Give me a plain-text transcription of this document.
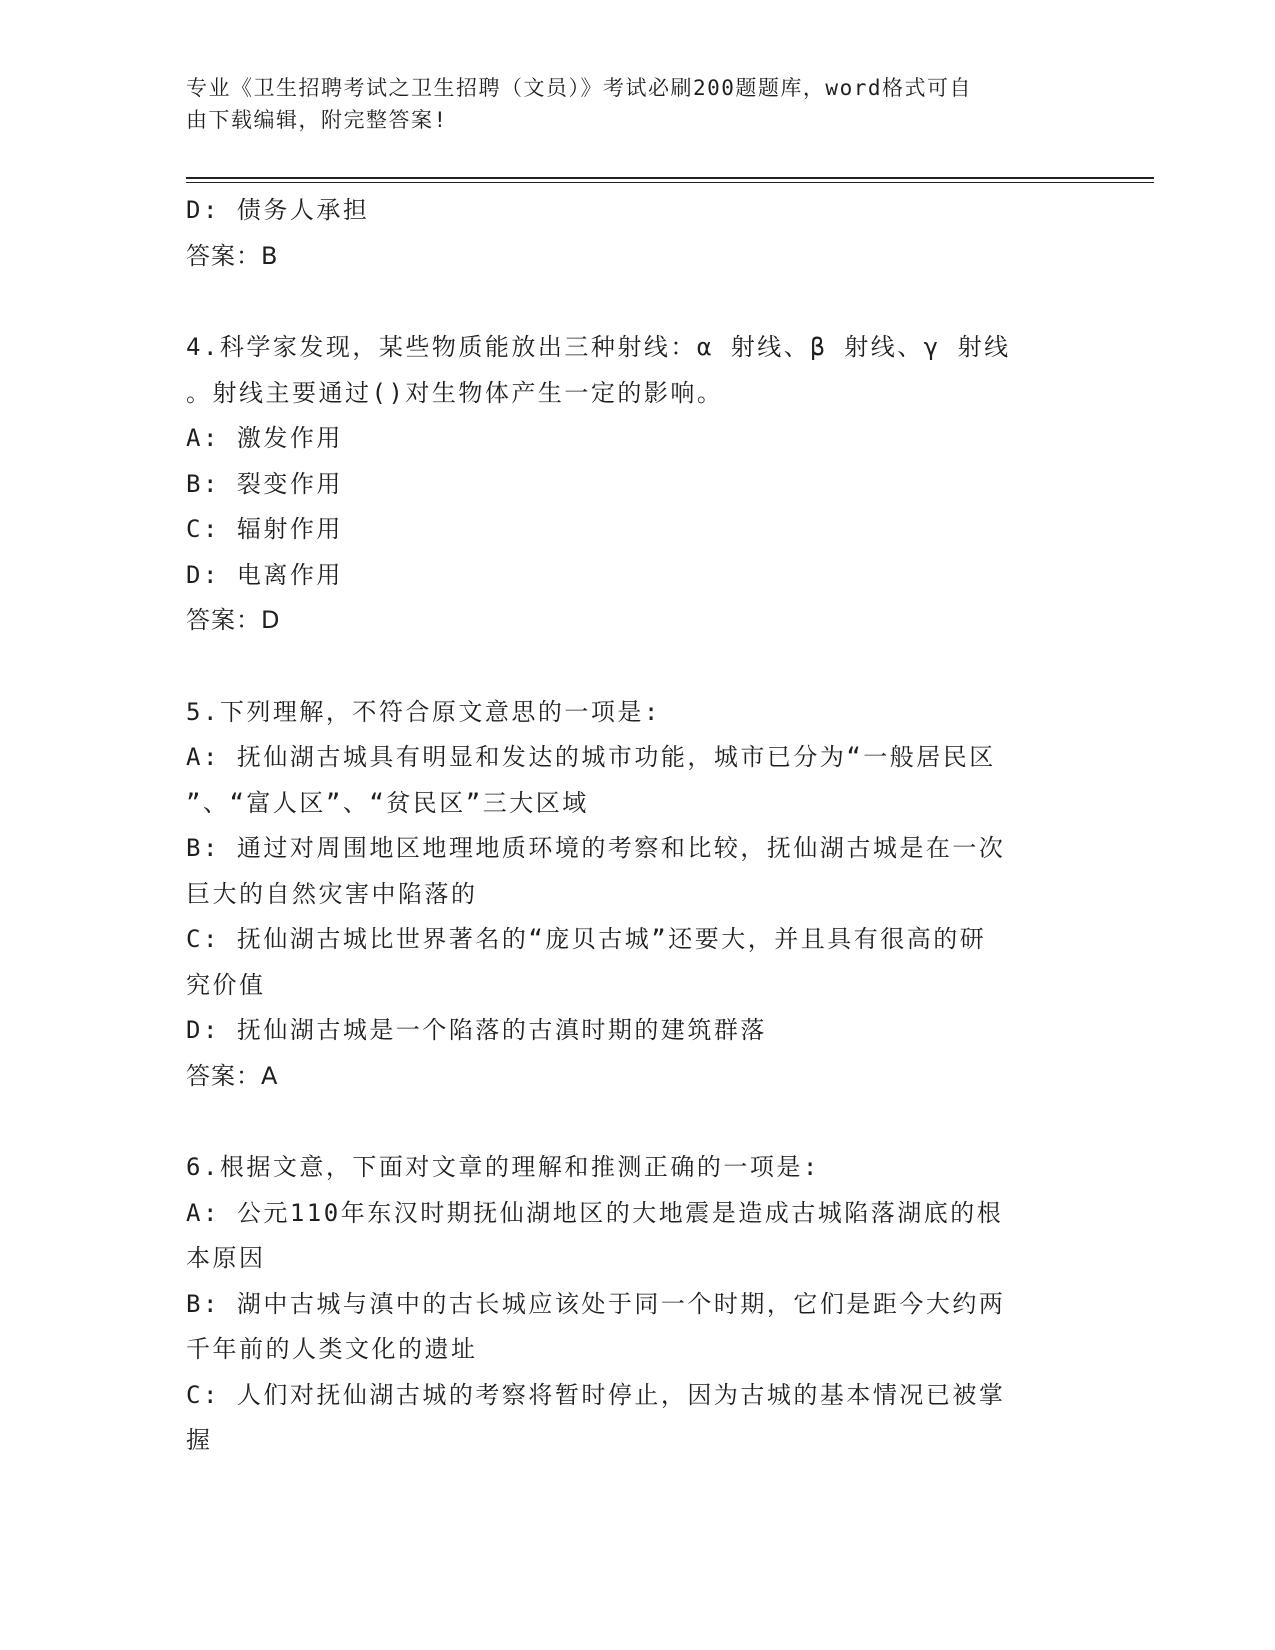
专业《卫生招聘考试之卫生招聘（文员）》考试必刷200题题库，word格式可自
由下载编辑，附完整答案!
D: 债务人承担
答案：B
4.科学家发现，某些物质能放出三种射线：α 射线、β 射线、γ 射线
。射线主要通过()对生物体产生一定的影响。
A: 激发作用
B: 裂变作用
C: 辐射作用
D: 电离作用
答案：D
5.下列理解，不符合原文意思的一项是:
A: 抚仙湖古城具有明显和发达的城市功能，城市已分为“一般居民区
”、“富人区”、“贫民区”三大区域
B: 通过对周围地区地理地质环境的考察和比较，抚仙湖古城是在一次
巨大的自然灾害中陷落的
C: 抚仙湖古城比世界著名的“庞贝古城”还要大，并且具有很高的研
究价值
D: 抚仙湖古城是一个陷落的古滇时期的建筑群落
答案：A
6.根据文意，下面对文章的理解和推测正确的一项是:
A: 公元110年东汉时期抚仙湖地区的大地震是造成古城陷落湖底的根
本原因
B: 湖中古城与滇中的古长城应该处于同一个时期，它们是距今大约两
千年前的人类文化的遗址
C: 人们对抚仙湖古城的考察将暂时停止，因为古城的基本情况已被掌
握
